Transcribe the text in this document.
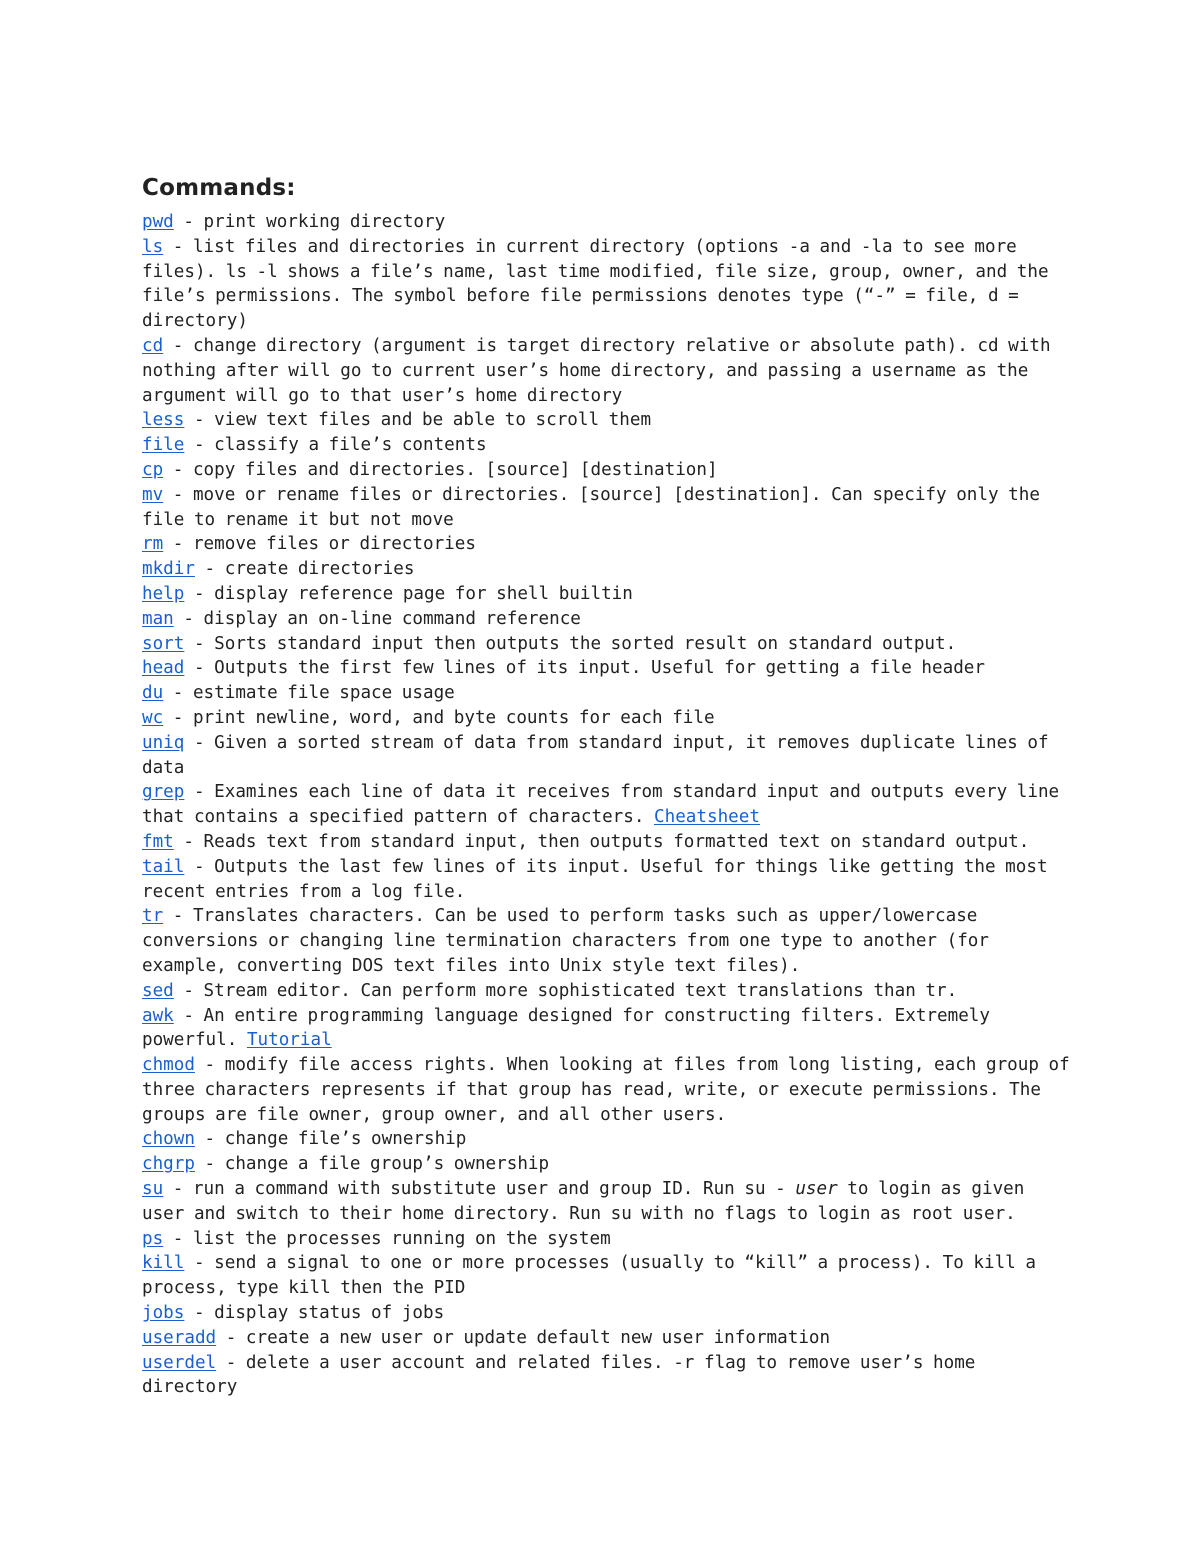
Commands:

pwd - print working directory

ls - list files and directories in current directory (options -a and -la to see more files). ls -l shows a file’s name, last time modified, file size, group, owner, and the file’s permissions. The symbol before file permissions denotes type (“-” = file, d = directory)

cd - change directory (argument is target directory relative or absolute path). cd with nothing after will go to current user’s home directory, and passing a username as the argument will go to that user’s home directory

less - view text files and be able to scroll them

file - classify a file’s contents

cp - copy files and directories. [source] [destination]

mv - move or rename files or directories. [source] [destination]. Can specify only the file to rename it but not move

rm - remove files or directories

mkdir - create directories

help - display reference page for shell builtin

man - display an on-line command reference

sort - Sorts standard input then outputs the sorted result on standard output.

head - Outputs the first few lines of its input. Useful for getting a file header

du - estimate file space usage

wc - print newline, word, and byte counts for each file

uniq - Given a sorted stream of data from standard input, it removes duplicate lines of data

grep - Examines each line of data it receives from standard input and outputs every line that contains a specified pattern of characters. Cheatsheet

fmt - Reads text from standard input, then outputs formatted text on standard output.

tail - Outputs the last few lines of its input. Useful for things like getting the most recent entries from a log file.

tr - Translates characters. Can be used to perform tasks such as upper/lowercase conversions or changing line termination characters from one type to another (for example, converting DOS text files into Unix style text files).

sed - Stream editor. Can perform more sophisticated text translations than tr.

awk - An entire programming language designed for constructing filters. Extremely powerful. Tutorial

chmod - modify file access rights. When looking at files from long listing, each group of three characters represents if that group has read, write, or execute permissions. The groups are file owner, group owner, and all other users.

chown - change file’s ownership

chgrp - change a file group’s ownership

su - run a command with substitute user and group ID. Run su - user to login as given user and switch to their home directory. Run su with no flags to login as root user.

ps - list the processes running on the system

kill - send a signal to one or more processes (usually to “kill” a process). To kill a process, type kill then the PID

jobs - display status of jobs

useradd - create a new user or update default new user information

userdel - delete a user account and related files. -r flag to remove user’s home directory
